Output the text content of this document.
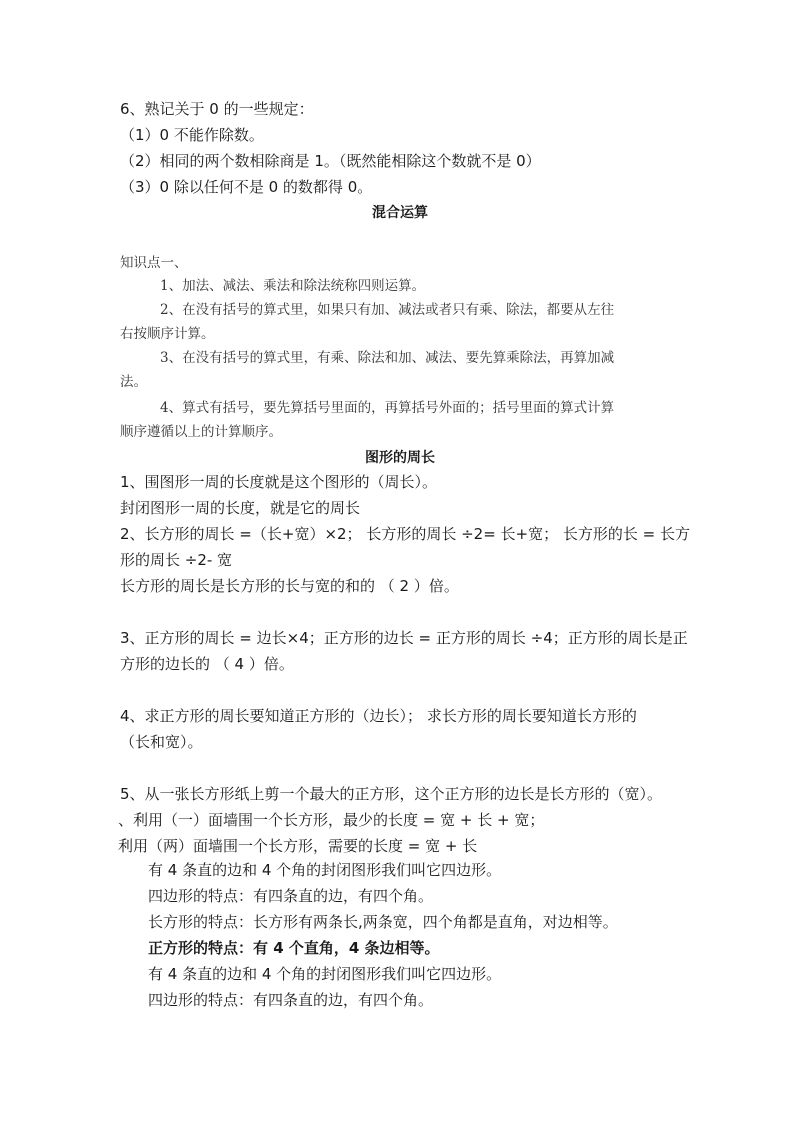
6、熟记关于 0 的一些规定：
（1）0 不能作除数。
（2）相同的两个数相除商是 1。（既然能相除这个数就不是 0）
（3）0 除以任何不是 0 的数都得 0。
混合运算
知识点一、
1、加法、减法、乘法和除法统称四则运算。
2、在没有括号的算式里，如果只有加、减法或者只有乘、除法，都要从左往
右按顺序计算。
3、在没有括号的算式里，有乘、除法和加、减法、要先算乘除法，再算加减
法。
4、算式有括号，要先算括号里面的，再算括号外面的；括号里面的算式计算
顺序遵循以上的计算顺序。
图形的周长
1、围图形一周的长度就是这个图形的（周长）。
封闭图形一周的长度，就是它的周长
2、长方形的周长 =（长+宽）×2； 长方形的周长 ÷2= 长+宽； 长方形的长 = 长方
形的周长 ÷2- 宽
长方形的周长是长方形的长与宽的和的 （ 2 ）倍。
3、正方形的周长 = 边长×4；正方形的边长 = 正方形的周长 ÷4；正方形的周长是正
方形的边长的 （ 4 ）倍。
4、求正方形的周长要知道正方形的（边长）； 求长方形的周长要知道长方形的
（长和宽）。
5、从一张长方形纸上剪一个最大的正方形，这个正方形的边长是长方形的（宽）。
、利用（一）面墙围一个长方形，最少的长度 = 宽 + 长 + 宽；
利用（两）面墙围一个长方形，需要的长度 = 宽 + 长
有 4 条直的边和 4 个角的封闭图形我们叫它四边形。
四边形的特点：有四条直的边，有四个角。
长方形的特点：长方形有两条长,两条宽，四个角都是直角，对边相等。
正方形的特点：有 4 个直角，4 条边相等。
有 4 条直的边和 4 个角的封闭图形我们叫它四边形。
四边形的特点：有四条直的边，有四个角。
